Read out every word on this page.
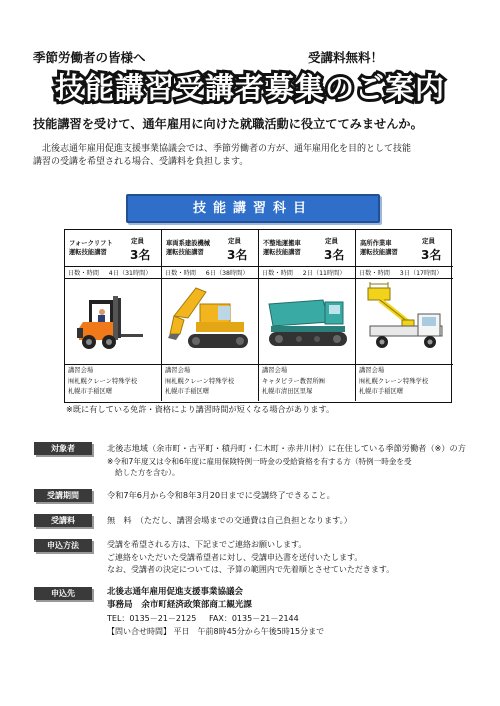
季節労働者の皆様へ	受講料無料！
技能講習受講者募集のご案内
技能講習を受けて、通年雇用に向けた就職活動に役立ててみませんか。
北後志通年雇用促進支援事業協議会では、季節労働者の方が、通年雇用化を目的として技能
講習の受講を希望される場合、受講料を負担します。
技能講習科目
フォークリフト
運転技能講習
定員
3名
日数・時間 4日（31時間）
講習会場
㈲札幌クレーン特殊学校
札幌市手稲区曙
車両系建設機械
運転技能講習
定員
3名
日数・時間 6日（38時間）
講習会場
㈲札幌クレーン特殊学校
札幌市手稲区曙
不整地運搬車
運転技能講習
定員
3名
日数・時間 2日（11時間）
講習会場
キャタピラー教習所㈱
札幌市清田区里塚
高所作業車
運転技能講習
定員
3名
日数・時間 3日（17時間）
講習会場
㈲札幌クレーン特殊学校
札幌市手稲区曙
※既に有している免許・資格により講習時間が短くなる場合があります。
対象者	北後志地域（余市町・古平町・積丹町・仁木町・赤井川村）に在住している季節労働者（※）の方
※令和7年度又は令和6年度に雇用保険特例一時金の受給資格を有する方（特例一時金を受
給した方を含む）。
受講期間	令和7年6月から令和8年3月20日までに受講終了できること。
受講料	無　料　（ただし、講習会場までの交通費は自己負担となります。）
申込方法	受講を希望される方は、下記までご連絡お願いします。
ご連絡をいただいた受講希望者に対し、受講申込書を送付いたします。
なお、受講者の決定については、予算の範囲内で先着順とさせていただきます。
申込先	北後志通年雇用促進支援事業協議会
事務局 余市町経済政策部商工観光課
TEL：0135－21－2125 FAX：0135－21－2144
【問い合せ時間】 平日　午前8時45分から午後5時15分まで
